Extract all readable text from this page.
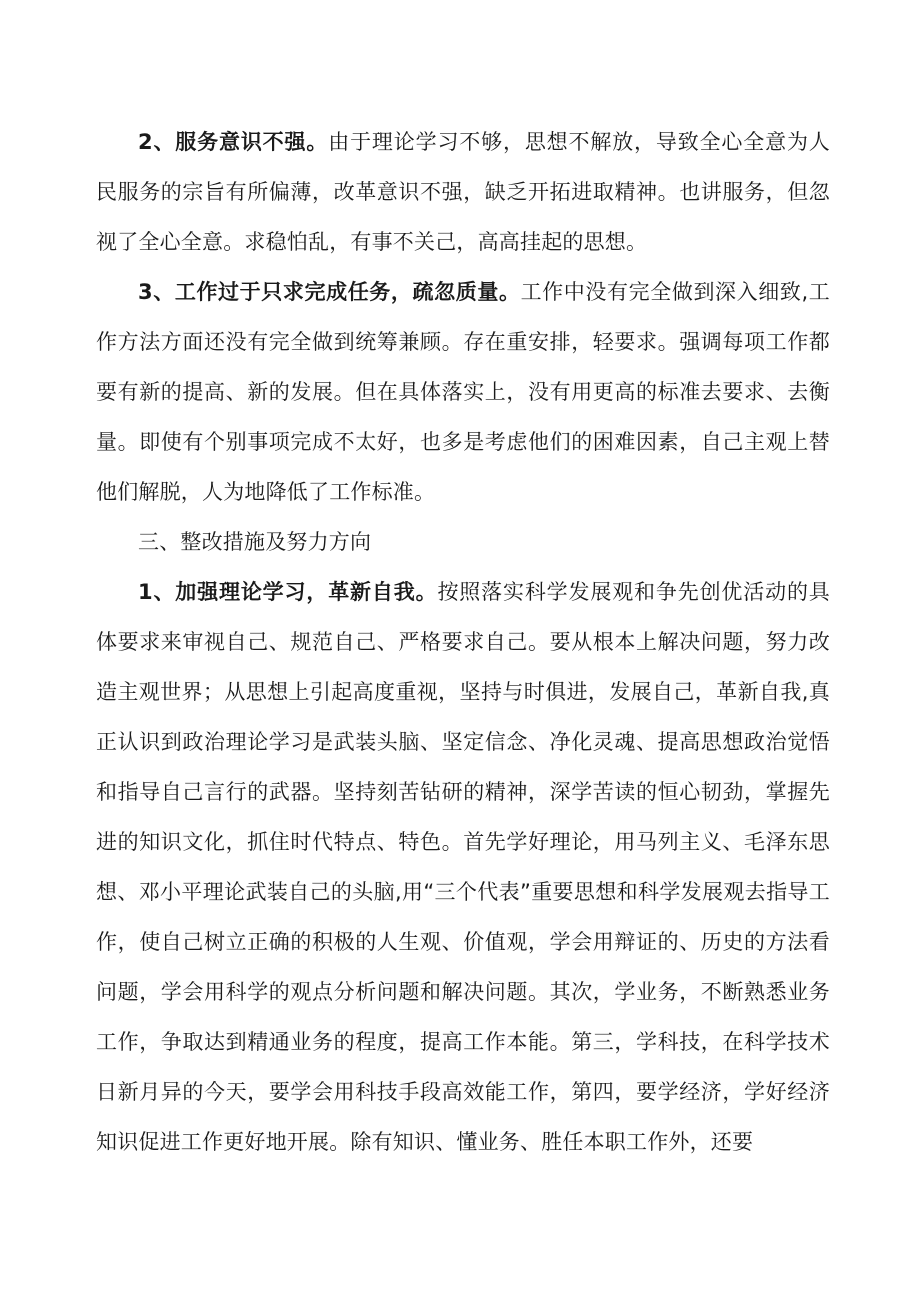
2、服务意识不强。由于理论学习不够，思想不解放，导致全心全意为人民服务的宗旨有所偏薄，改革意识不强，缺乏开拓进取精神。也讲服务，但忽视了全心全意。求稳怕乱，有事不关己，高高挂起的思想。

3、工作过于只求完成任务，疏忽质量。工作中没有完全做到深入细致,工作方法方面还没有完全做到统筹兼顾。存在重安排，轻要求。强调每项工作都要有新的提高、新的发展。但在具体落实上，没有用更高的标准去要求、去衡量。即使有个别事项完成不太好，也多是考虑他们的困难因素，自己主观上替他们解脱，人为地降低了工作标准。

三、整改措施及努力方向

1、加强理论学习，革新自我。按照落实科学发展观和争先创优活动的具体要求来审视自己、规范自己、严格要求自己。要从根本上解决问题，努力改造主观世界；从思想上引起高度重视，坚持与时俱进，发展自己，革新自我,真正认识到政治理论学习是武装头脑、坚定信念、净化灵魂、提高思想政治觉悟和指导自己言行的武器。坚持刻苦钻研的精神，深学苦读的恒心韧劲，掌握先进的知识文化，抓住时代特点、特色。首先学好理论，用马列主义、毛泽东思想、邓小平理论武装自己的头脑,用“三个代表”重要思想和科学发展观去指导工作，使自己树立正确的积极的人生观、价值观，学会用辩证的、历史的方法看问题，学会用科学的观点分析问题和解决问题。其次，学业务，不断熟悉业务工作，争取达到精通业务的程度，提高工作本能。第三，学科技，在科学技术日新月异的今天，要学会用科技手段高效能工作，第四，要学经济，学好经济知识促进工作更好地开展。除有知识、懂业务、胜任本职工作外，还要
